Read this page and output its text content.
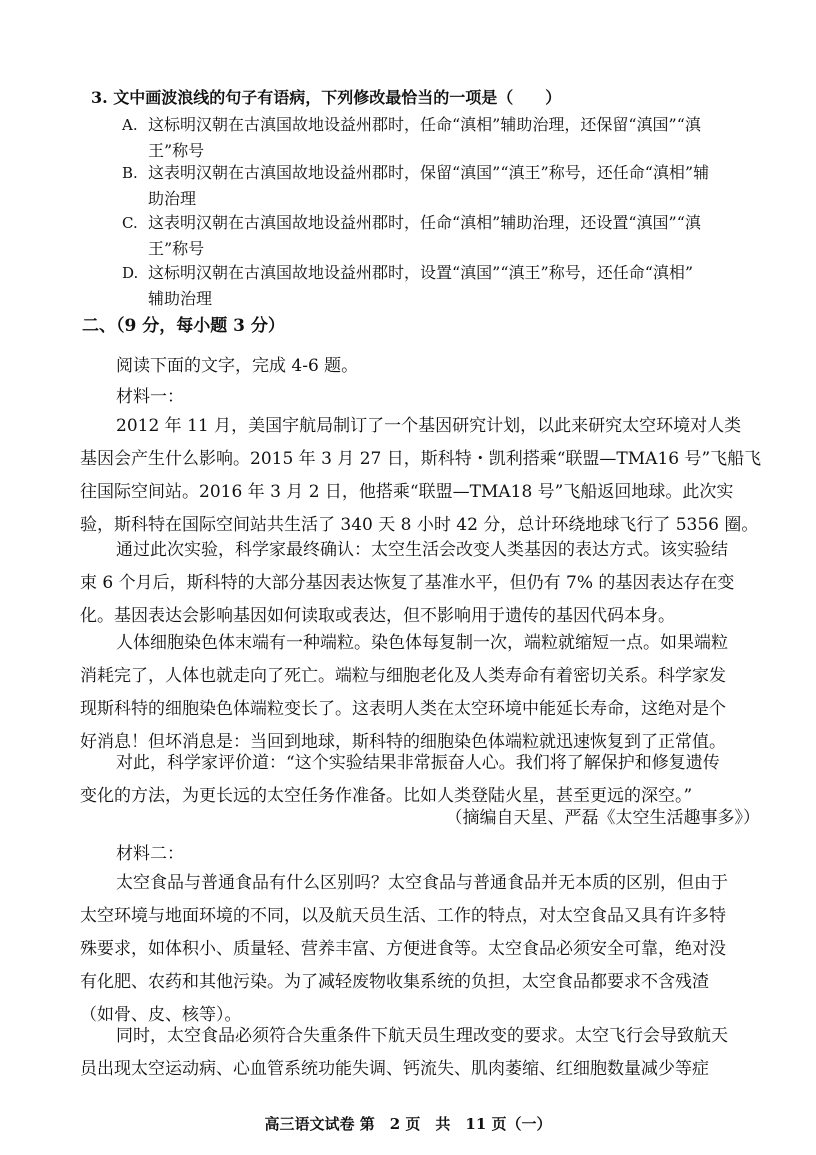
3. 文中画波浪线的句子有语病，下列修改最恰当的一项是（　　）
A. 这标明汉朝在古滇国故地设益州郡时，任命“滇相”辅助治理，还保留“滇国”“滇
王”称号
B. 这表明汉朝在古滇国故地设益州郡时，保留“滇国”“滇王”称号，还任命“滇相”辅
助治理
C. 这表明汉朝在古滇国故地设益州郡时，任命“滇相”辅助治理，还设置“滇国”“滇
王”称号
D. 这标明汉朝在古滇国故地设益州郡时，设置“滇国”“滇王”称号，还任命“滇相”
辅助治理
二、（9 分，每小题 3 分）
阅读下面的文字，完成 4-6 题。
材料一：
2012 年 11 月，美国宇航局制订了一个基因研究计划，以此来研究太空环境对人类
基因会产生什么影响。2015 年 3 月 27 日，斯科特・凯利搭乘“联盟—TMA16 号”飞船飞
往国际空间站。2016 年 3 月 2 日，他搭乘“联盟—TMA18 号”飞船返回地球。此次实
验，斯科特在国际空间站共生活了 340 天 8 小时 42 分，总计环绕地球飞行了 5356 圈。
通过此次实验，科学家最终确认：太空生活会改变人类基因的表达方式。该实验结
束 6 个月后，斯科特的大部分基因表达恢复了基准水平，但仍有 7% 的基因表达存在变
化。基因表达会影响基因如何读取或表达，但不影响用于遗传的基因代码本身。
人体细胞染色体末端有一种端粒。染色体每复制一次，端粒就缩短一点。如果端粒
消耗完了，人体也就走向了死亡。端粒与细胞老化及人类寿命有着密切关系。科学家发
现斯科特的细胞染色体端粒变长了。这表明人类在太空环境中能延长寿命，这绝对是个
好消息！但坏消息是：当回到地球，斯科特的细胞染色体端粒就迅速恢复到了正常值。
对此，科学家评价道：“这个实验结果非常振奋人心。我们将了解保护和修复遗传
变化的方法，为更长远的太空任务作准备。比如人类登陆火星，甚至更远的深空。”
（摘编自天星、严磊《太空生活趣事多》）
材料二：
太空食品与普通食品有什么区别吗？太空食品与普通食品并无本质的区别，但由于
太空环境与地面环境的不同，以及航天员生活、工作的特点，对太空食品又具有许多特
殊要求，如体积小、质量轻、营养丰富、方便进食等。太空食品必须安全可靠，绝对没
有化肥、农药和其他污染。为了减轻废物收集系统的负担，太空食品都要求不含残渣
（如骨、皮、核等）。
同时，太空食品必须符合失重条件下航天员生理改变的要求。太空飞行会导致航天
员出现太空运动病、心血管系统功能失调、钙流失、肌肉萎缩、红细胞数量减少等症
高三语文试卷 第　2 页　共　11 页（一）
